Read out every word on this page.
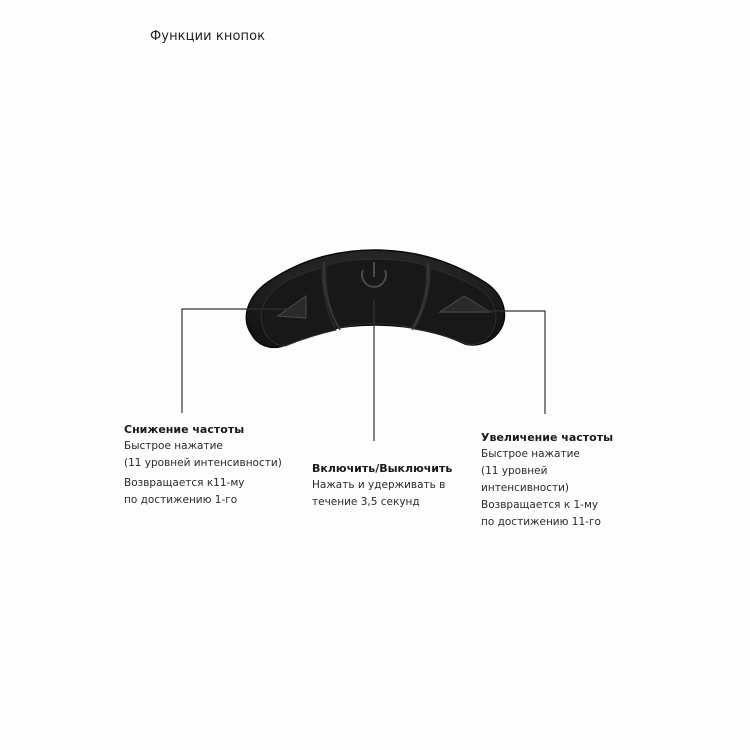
Функции кнопок

Снижение частоты

Быстрое нажатие

(11 уровней интенсивности)

Возвращается к11-му

по достижению 1-го

Включить/Выключить

Нажать и удерживать в

течение 3,5 секунд

Увеличение частоты

Быстрое нажатие

(11 уровней

интенсивности)

Возвращается к 1-му

по достижению 11-го
